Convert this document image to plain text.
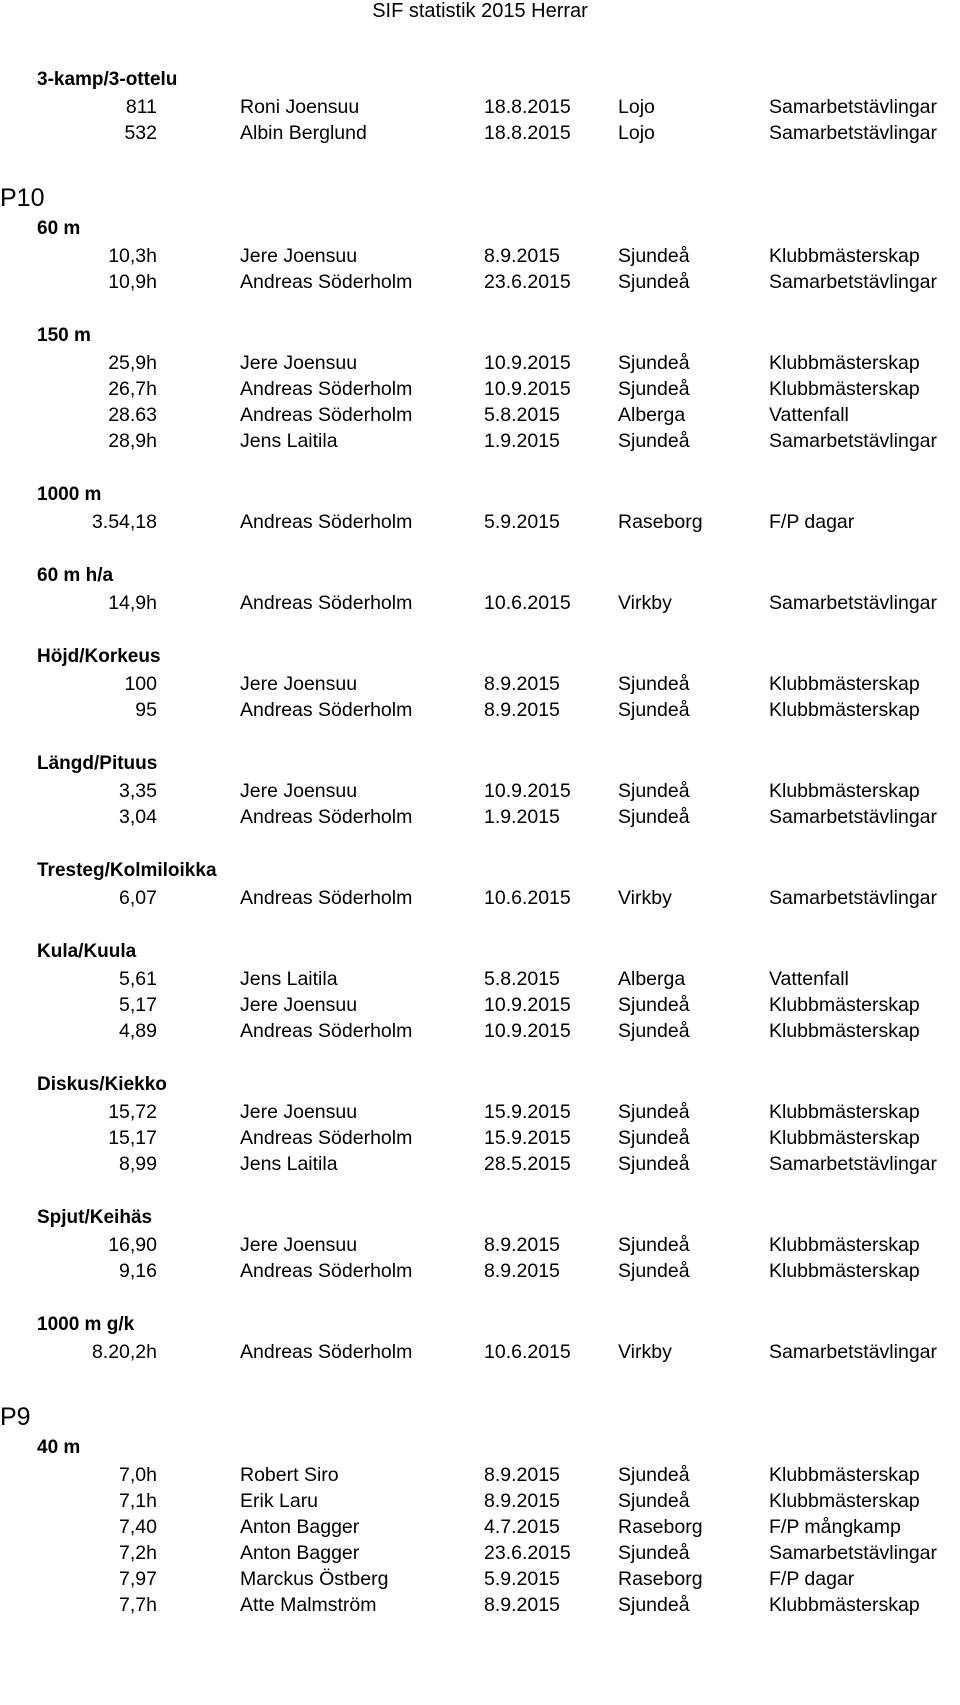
SIF statistik 2015 Herrar
3-kamp/3-ottelu
811	Roni Joensuu	18.8.2015 Lojo	Samarbetstävlingar
532	Albin Berglund	18.8.2015 Lojo	Samarbetstävlingar
P10
60 m
10,3h	Jere Joensuu	8.9.2015	Sjundeå	Klubbmästerskap
10,9h	Andreas Söderholm	23.6.2015 Sjundeå	Samarbetstävlingar
150 m
25,9h	Jere Joensuu	10.9.2015 Sjundeå	Klubbmästerskap
26,7h	Andreas Söderholm	10.9.2015 Sjundeå	Klubbmästerskap
28.63	Andreas Söderholm	5.8.2015	Alberga	Vattenfall
28,9h	Jens Laitila	1.9.2015	Sjundeå	Samarbetstävlingar
1000 m
3.54,18	Andreas Söderholm	5.9.2015	Raseborg	F/P dagar
60 m h/a
14,9h	Andreas Söderholm	10.6.2015 Virkby	Samarbetstävlingar
Höjd/Korkeus
100	Jere Joensuu	8.9.2015	Sjundeå	Klubbmästerskap
95	Andreas Söderholm	8.9.2015	Sjundeå	Klubbmästerskap
Längd/Pituus
3,35	Jere Joensuu	10.9.2015 Sjundeå	Klubbmästerskap
3,04	Andreas Söderholm	1.9.2015	Sjundeå	Samarbetstävlingar
Tresteg/Kolmiloikka
6,07	Andreas Söderholm	10.6.2015 Virkby	Samarbetstävlingar
Kula/Kuula
5,61	Jens Laitila	5.8.2015	Alberga	Vattenfall
5,17	Jere Joensuu	10.9.2015 Sjundeå	Klubbmästerskap
4,89	Andreas Söderholm	10.9.2015 Sjundeå	Klubbmästerskap
Diskus/Kiekko
15,72	Jere Joensuu	15.9.2015 Sjundeå	Klubbmästerskap
15,17	Andreas Söderholm	15.9.2015 Sjundeå	Klubbmästerskap
8,99	Jens Laitila	28.5.2015 Sjundeå	Samarbetstävlingar
Spjut/Keihäs
16,90	Jere Joensuu	8.9.2015	Sjundeå	Klubbmästerskap
9,16	Andreas Söderholm	8.9.2015	Sjundeå	Klubbmästerskap
1000 m g/k
8.20,2h	Andreas Söderholm	10.6.2015 Virkby	Samarbetstävlingar
P9
40 m
7,0h	Robert Siro	8.9.2015	Sjundeå	Klubbmästerskap
7,1h	Erik Laru	8.9.2015	Sjundeå	Klubbmästerskap
7,40	Anton Bagger	4.7.2015	Raseborg	F/P mångkamp
7,2h	Anton Bagger	23.6.2015 Sjundeå	Samarbetstävlingar
7,97	Marckus Östberg	5.9.2015	Raseborg	F/P dagar
7,7h	Atte Malmström	8.9.2015	Sjundeå	Klubbmästerskap
